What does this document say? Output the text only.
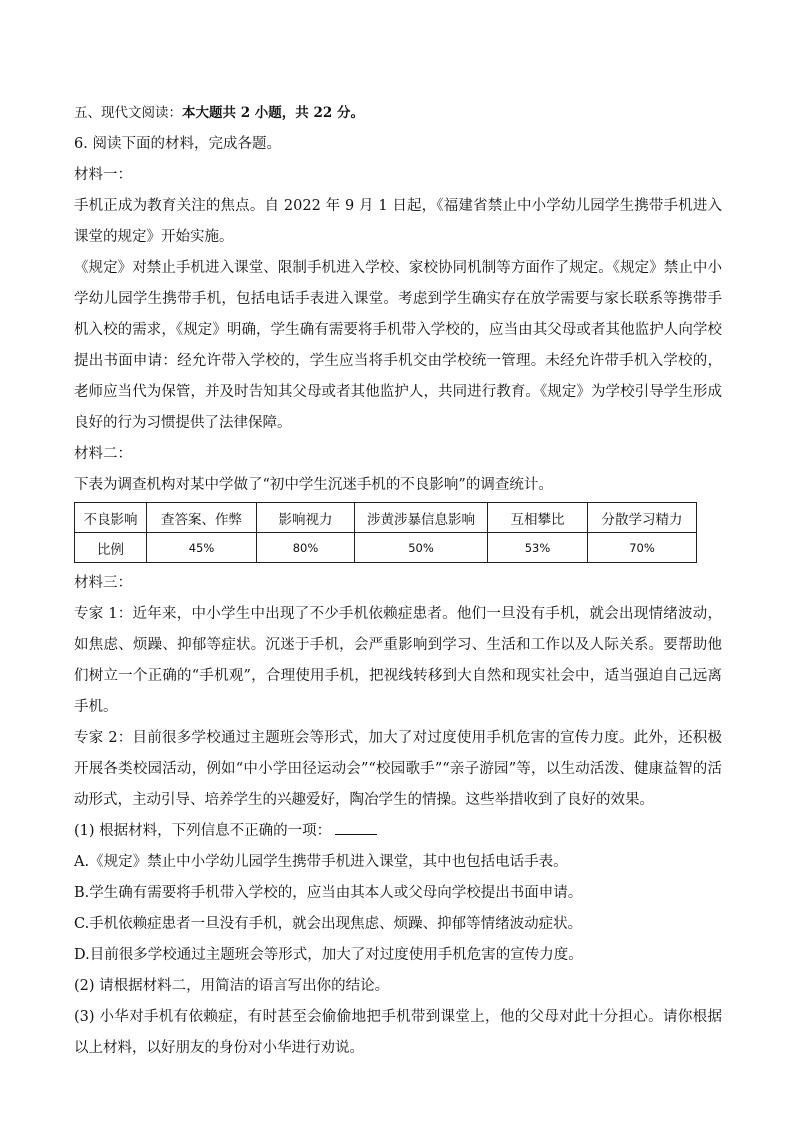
五、现代文阅读：本大题共 2 小题，共 22 分。

6. 阅读下面的材料，完成各题。

材料一：

手机正成为教育关注的焦点。自 2022 年 9 月 1 日起，《福建省禁止中小学幼儿园学生携带手机进入课堂的规定》开始实施。

《规定》对禁止手机进入课堂、限制手机进入学校、家校协同机制等方面作了规定。《规定》禁止中小学幼儿园学生携带手机，包括电话手表进入课堂。考虑到学生确实存在放学需要与家长联系等携带手机入校的需求，《规定》明确，学生确有需要将手机带入学校的，应当由其父母或者其他监护人向学校提出书面申请：经允许带入学校的，学生应当将手机交由学校统一管理。未经允许带手机入学校的，老师应当代为保管，并及时告知其父母或者其他监护人，共同进行教育。《规定》为学校引导学生形成良好的行为习惯提供了法律保障。

材料二：

下表为调查机构对某中学做了“初中学生沉迷手机的不良影响”的调查统计。

不良影响	查答案、作弊	影响视力	涉黄涉暴信息影响	互相攀比	分散学习精力
比例	45%	80%	50%	53%	70%

材料三：

专家 1：近年来，中小学生中出现了不少手机依赖症患者。他们一旦没有手机，就会出现情绪波动，如焦虑、烦躁、抑郁等症状。沉迷于手机，会严重影响到学习、生活和工作以及人际关系。要帮助他们树立一个正确的“手机观”，合理使用手机，把视线转移到大自然和现实社会中，适当强迫自己远离手机。

专家 2：目前很多学校通过主题班会等形式，加大了对过度使用手机危害的宣传力度。此外，还积极开展各类校园活动，例如“中小学田径运动会”“校园歌手”“亲子游园”等，以生动活泼、健康益智的活动形式，主动引导、培养学生的兴趣爱好，陶冶学生的情操。这些举措收到了良好的效果。

(1) 根据材料，下列信息不正确的一项：

A.《规定》禁止中小学幼儿园学生携带手机进入课堂，其中也包括电话手表。

B.学生确有需要将手机带入学校的，应当由其本人或父母向学校提出书面申请。

C.手机依赖症患者一旦没有手机，就会出现焦虑、烦躁、抑郁等情绪波动症状。

D.目前很多学校通过主题班会等形式，加大了对过度使用手机危害的宣传力度。

(2) 请根据材料二，用简洁的语言写出你的结论。

(3) 小华对手机有依赖症，有时甚至会偷偷地把手机带到课堂上，他的父母对此十分担心。请你根据以上材料，以好朋友的身份对小华进行劝说。
